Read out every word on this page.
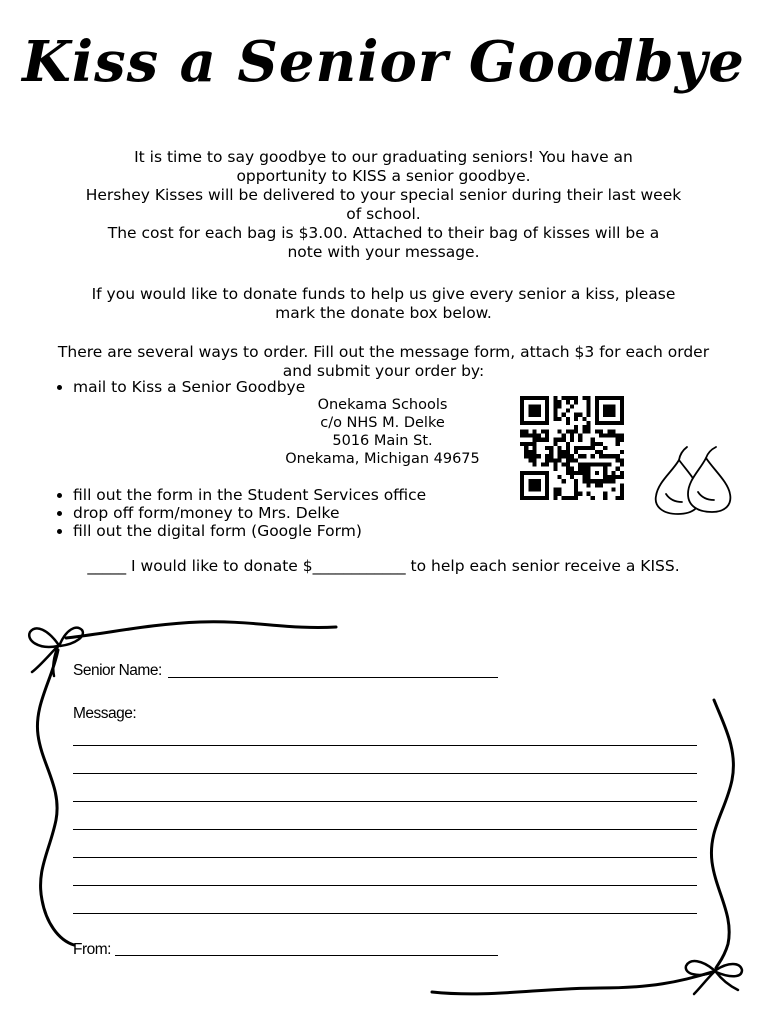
Kiss a Senior Goodbye
It is time to say goodbye to our graduating seniors! You have an
opportunity to KISS a senior goodbye.
Hershey Kisses will be delivered to your special senior during their last week
of school.
The cost for each bag is $3.00. Attached to their bag of kisses will be a
note with your message.
If you would like to donate funds to help us give every senior a kiss, please
mark the donate box below.
There are several ways to order. Fill out the message form, attach $3 for each order
and submit your order by:
• mail to Kiss a Senior Goodbye
Onekama Schools
c/o NHS M. Delke
5016 Main St.
Onekama, Michigan 49675
• fill out the form in the Student Services office
• drop off form/money to Mrs. Delke
• fill out the digital form (Google Form)
_____ I would like to donate $____________ to help each senior receive a KISS.
Senior Name:
Message:
From:
